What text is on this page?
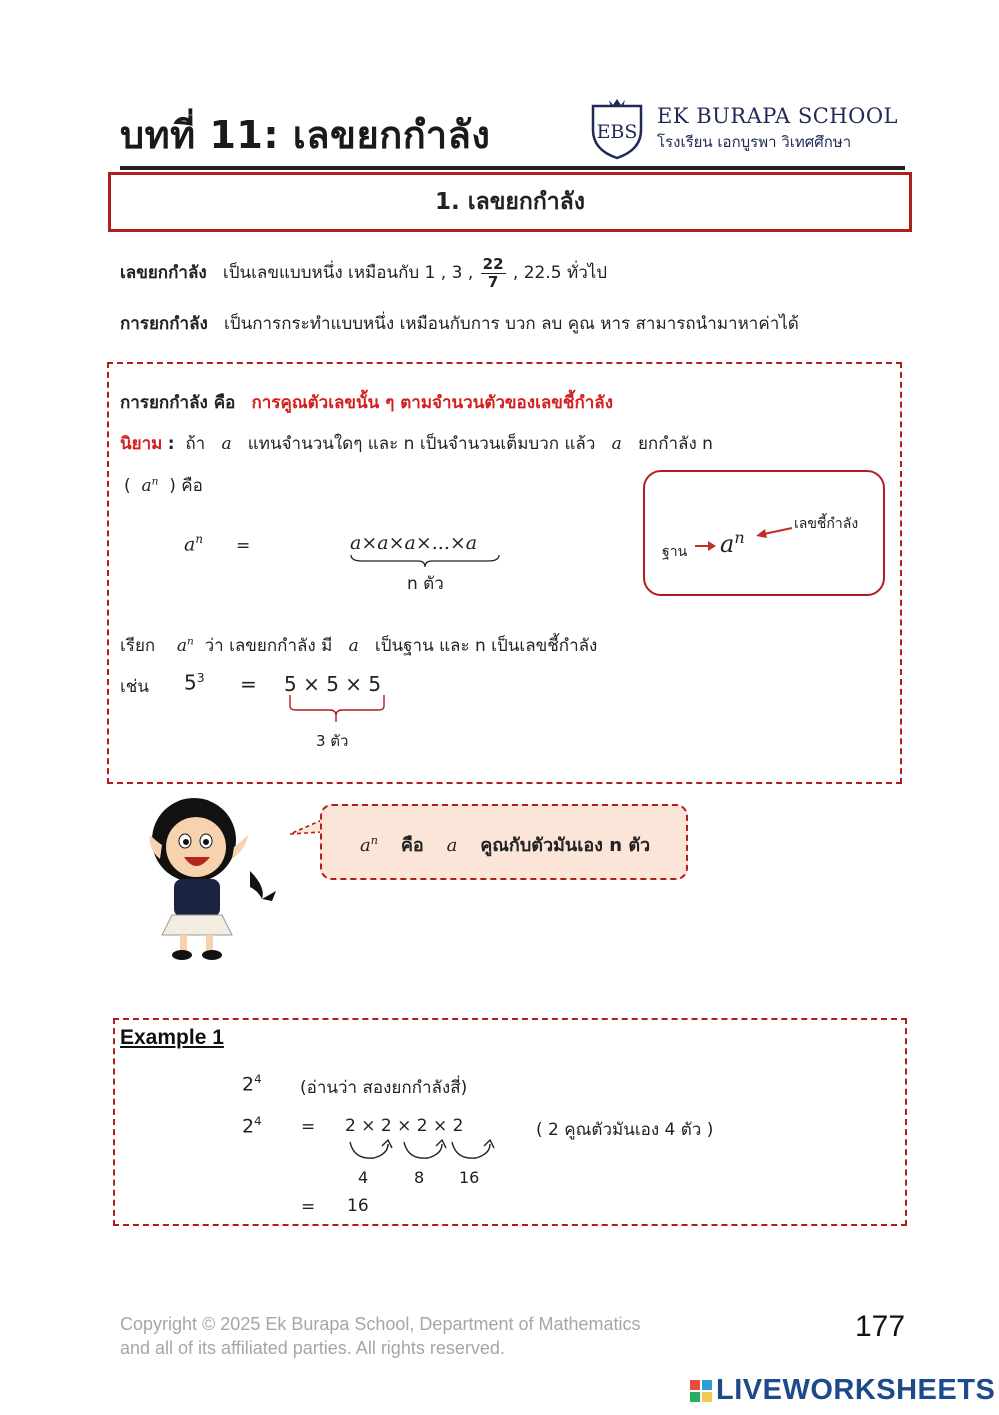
บทที่ 11: เลขยกกำลัง	EBS
EK BURAPA SCHOOL
โรงเรียน เอกบูรพา วิเทศศึกษา
1. เลขยกกำลัง
เลขยกกำลัง เป็นเลขแบบหนึ่ง เหมือนกับ 1 , 3 , $\frac{22}{7}$ , 22.5 ทั่วไป
การยกกำลัง เป็นการกระทำแบบหนึ่ง เหมือนกับการ บวก ลบ คูณ หาร สามารถนำมาหาค่าได้
การยกกำลัง คือ การคูณตัวเลขนั้น ๆ ตามจำนวนตัวของเลขชี้กำลัง
นิยาม : ถ้า a แทนจำนวนใดๆ และ n เป็นจำนวนเต็มบวก แล้ว a ยกกำลัง n
( $a^n$ ) คือ
$a^n$ =	a×a×a×...×a
n ตัว
ฐาน
เลขชี้กำลัง
$a^n$
เรียก $a^n$ ว่า เลขยกกำลัง มี a เป็นฐาน และ n เป็นเลขชี้กำลัง
เช่น $5^3 = 5 \times 5 \times 5$
3 ตัว
$a^n$ คือ a คูณกับตัวมันเอง n ตัว
Example 1
$2^4$ (อ่านว่า สองยกกำลังสี่)
$2^4 = 2 \times 2 \times 2 \times 2$	( 2 คูณตัวมันเอง 4 ตัว )
4	8 16
= 16
Copyright © 2025 Ek Burapa School, Department of Mathematics
and all of its affiliated parties. All rights reserved.
177
LIVEWORKSHEETS
